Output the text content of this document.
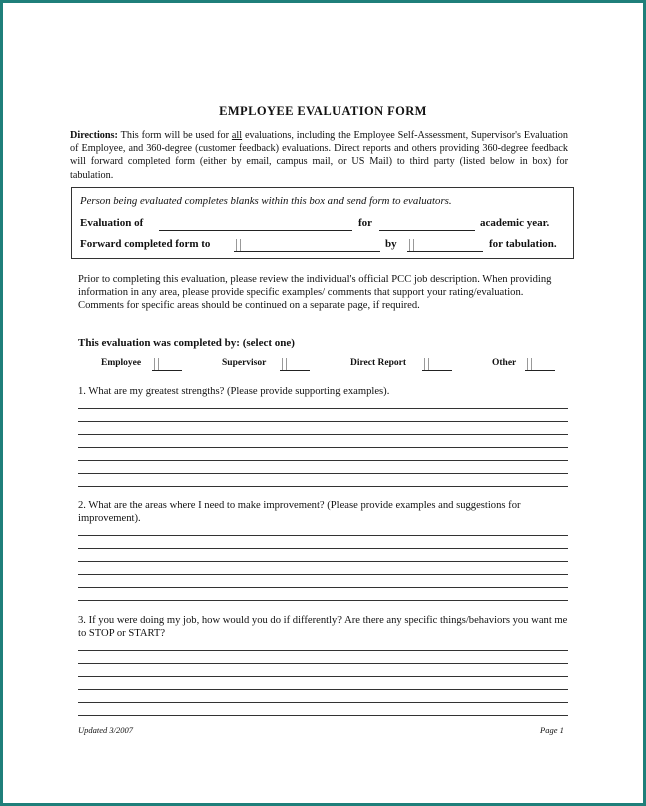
EMPLOYEE EVALUATION FORM
Directions: This form will be used for all evaluations, including the Employee Self-Assessment, Supervisor's Evaluation of Employee, and 360-degree (customer feedback) evaluations. Direct reports and others providing 360-degree feedback will forward completed form (either by email, campus mail, or US Mail) to third party (listed below in box) for tabulation.
Person being evaluated completes blanks within this box and send form to evaluators.
Evaluation of	for	academic year.
Forward completed form to	by	for tabulation.
Prior to completing this evaluation, please review the individual's official PCC job description. When providing information in any area, please provide specific examples/ comments that support your rating/evaluation. Comments for specific areas should be continued on a separate page, if required.
This evaluation was completed by: (select one)
Employee	Supervisor	Direct Report	Other
1. What are my greatest strengths? (Please provide supporting examples).
2. What are the areas where I need to make improvement? (Please provide examples and suggestions for improvement).
3. If you were doing my job, how would you do if differently? Are there any specific things/behaviors you want me to STOP or START?
Updated 3/2007	Page 1
